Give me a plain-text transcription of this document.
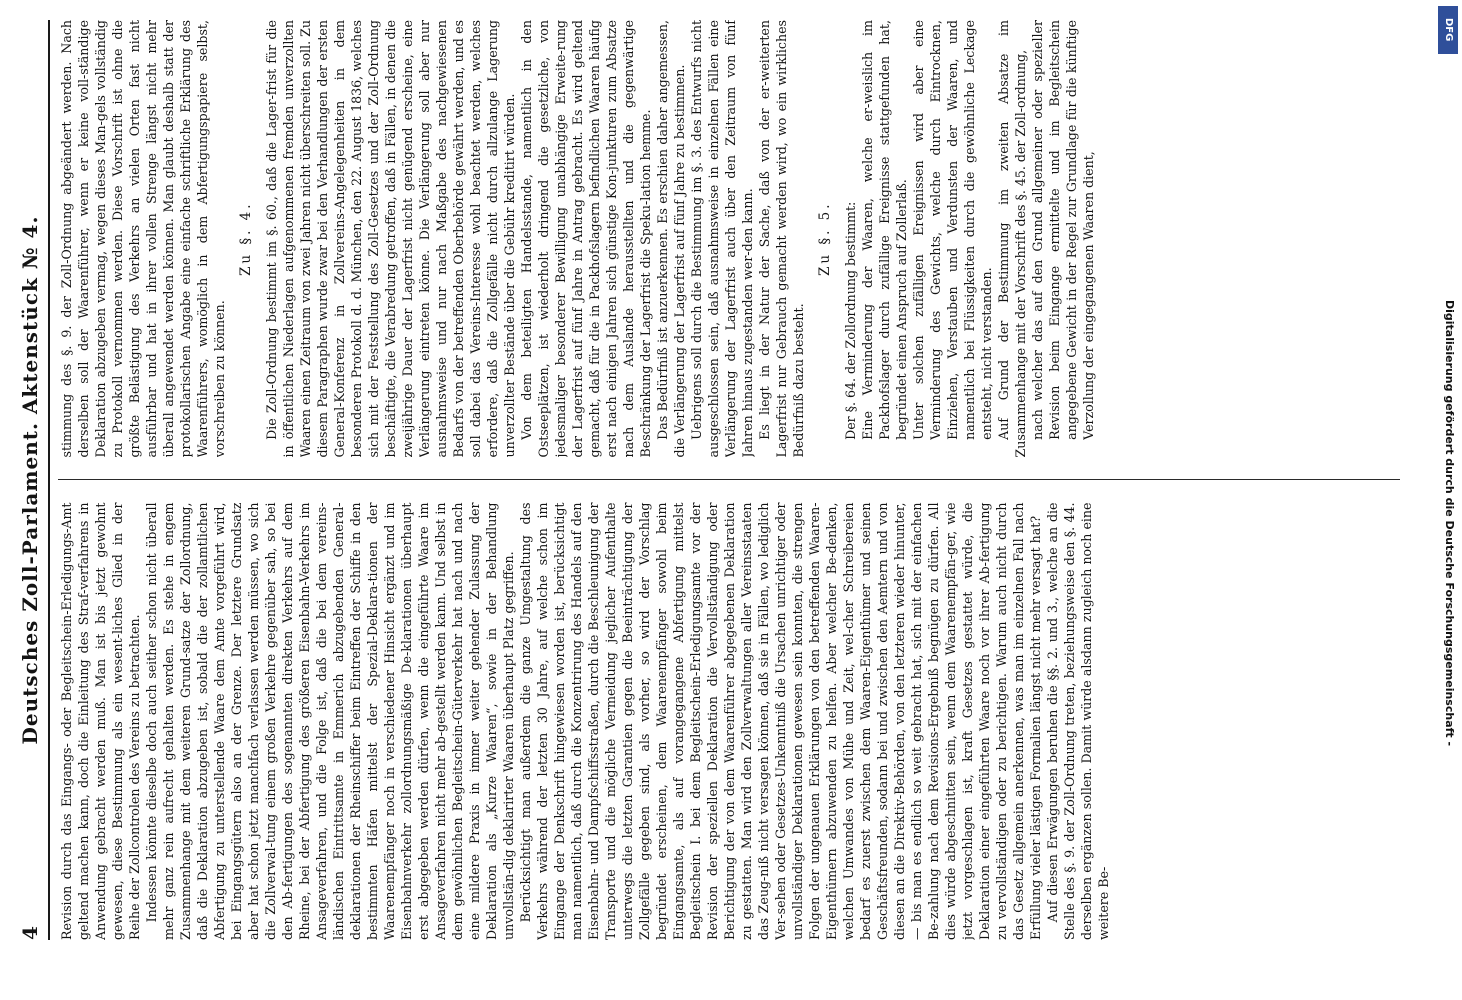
4
Deutsches Zoll-Parlament. Aktenstück № 4. Revision durch das Eingangs- oder Begleitschein-Erledigungs-Amt geltend machen kann, doch die Einleitung des Straf-verfahrens in Anwendung gebracht werden muß. Man ist bis jetzt gewohnt gewesen, diese Bestimmung als ein wesent-liches Glied in der Reihe der Zollcontrolen des Vereins zu betrachten. Indessen könnte dieselbe doch auch seither schon nicht überall mehr ganz rein aufrecht gehalten werden. Es stehe in engem Zusammenhange mit dem weiteren Grund-satze der Zollordnung, daß die Deklaration abzugeben ist, sobald die der zollamtlichen Abfertigung zu unterstellende Waare dem Amte vorgeführt wird, bei Eingangsgütern also an der Grenze. Der letztere Grundsatz aber hat schon jetzt manchfach verlassen werden müssen, wo sich die Zollverwal-tung einem großen Verkehre gegenüber sah, so bei den Ab-fertigungen des sogenannten direkten Verkehrs auf dem Rheine, bei der Abfertigung des größeren Eisenbahn-Verkehrs im Ansageverfahren, und die Folge ist, daß die bei dem vereins-ländischen Eintrittsamte in Emmerich abzugebenden General-deklarationen der Rheinschiffer beim Eintreffen der Schiffe in den bestimmten Häfen mittelst der Spezial-Deklara-tionen der Waarenempfänger noch in verschiedener Hinsicht ergänzt und im Eisenbahnverkehr zollordnungsmäßige De-klarationen überhaupt erst abgegeben werden dürfen, wenn die eingeführte Waare im Ansageverfahren nicht mehr ab-gestellt werden kann. Und selbst in dem gewöhnlichen Begleitschein-Güterverkehr hat nach und nach eine mildere Praxis in immer weiter gehender Zulassung der Deklaration als „Kurze Waaren“, sowie in der Behandlung unvollstän-dig deklarirter Waaren überhaupt Platz gegriffen. Berücksichtigt man außerdem die ganze Umgestaltung des Verkehrs während der letzten 30 Jahre, auf welche schon im Eingange der Denkschrift hingewiesen worden ist, berücksichtigt man namentlich, daß durch die Konzentrirung des Handels auf den Eisenbahn- und Dampfschiffsstraßen, durch die Beschleunigung der Transporte und die mögliche Vermeidung jeglicher Aufenthalte unterwegs die letzten Garantien gegen die Beeinträchtigung der Zollgefälle gegeben sind, als vorher, so wird der Vorschlag begründet erscheinen, dem Waarenempfänger sowohl beim Eingangsamte, als auf vorangegangene Abfertigung mittelst Begleitschein I. bei dem Begleitschein-Erledigungsamte vor der Revision der speziellen Deklaration die Vervollständigung oder Berichtigung der von dem Waarenführer abgegebenen Deklaration zu gestatten. Man wird den Zollverwaltungen aller Vereinsstaaten das Zeug-niß nicht versagen können, daß sie in Fällen, wo lediglich Ver-sehen oder Gesetzes-Unkenntniß die Ursachen unrichtiger oder unvollständiger Deklarationen gewesen sein konnten, die strengen Folgen der ungenauen Erklärungen von den betreffenden Waaren-Eigenthümern abzuwenden zu helfen. Aber welcher Be-denken, welchen Umwandes von Mühe und Zeit, wel-cher Schreibereien bedarf es zuerst zwischen dem Waaren-Eigenthümer und seinen Geschäftsfreunden, sodann bei und zwischen den Aemtern und von diesen an die Direktiv-Behörden, von den letzteren wieder hinunter, — bis man es endlich so weit gebracht hat, sich mit der einfachen Be-zahlung nach dem Revisions-Ergebniß begnügen zu dürfen. All dies würde abgeschnitten sein, wenn dem Waarenempfän-ger, wie jetzt vorgeschlagen ist, kraft Gesetzes gestattet würde, die Deklaration einer eingeführten Waare noch vor ihrer Ab-fertigung zu vervollständigen oder zu berichtigen. Warum auch nicht durch das Gesetz allgemein anerkennen, was man im einzelnen Fall nach Erfüllung vieler lästigen Formalien längst nicht mehr versagt hat? Auf diesen Erwägungen beruhen die §§. 2. und 3., welche an die Stelle des §. 9. der Zoll-Ordnung treten, beziehungsweise den §. 44. derselben ergänzen sollen. Damit würde alsdann zugleich noch eine weitere Be-

stimmung des §. 9. der Zoll-Ordnung abgeändert werden. Nach derselben soll der Waarenführer, wenn er keine voll-ständige Deklaration abzugeben vermag, wegen dieses Man-gels vollständig zu Protokoll vernommen werden. Diese Vorschrift ist ohne die größte Belästigung des Verkehrs an vielen Orten fast nicht ausführbar und hat in ihrer vollen Strenge längst nicht mehr überall angewendet werden können. Man glaubt deshalb statt der protokollarischen Angabe eine einfache schriftliche Erklärung des Waarenführers, womöglich in dem Abfertigungspapiere selbst, vorschreiben zu können.

Zu §. 4. Die Zoll-Ordnung bestimmt im §. 60., daß die Lager-frist für die in öffentlichen Niederlagen aufgenommenen fremden unverzollten Waaren einen Zeitraum von zwei Jahren nicht überschreiten soll. Zu diesem Paragraphen wurde zwar bei den Verhandlungen der ersten General-Konferenz in Zollvereins-Angelegenheiten in dem besonderen Protokoll d. d. München, den 22. August 1836, welches sich mit der Feststellung des Zoll-Gesetzes und der Zoll-Ordnung beschäftigte, die Verabredung getroffen, daß in Fällen, in denen die zweijährige Dauer der Lagerfrist nicht genügend erscheine, eine Verlängerung eintreten könne. Die Verlängerung soll aber nur ausnahmsweise und nur nach Maßgabe des nachgewiesenen Bedarfs von der betreffenden Oberbehörde gewährt werden, und es soll dabei das Vereins-Interesse wohl beachtet werden, welches erfordere, daß die Zollgefälle nicht durch allzulange Lagerung unverzollter Bestände über die Gebühr kreditirt würden. Von dem beteiligten Handelsstande, namentlich in den Ostseeplätzen, ist wiederholt dringend die gesetzliche, von jedesmaliger besonderer Bewilligung unabhängige Erweite-rung der Lagerfrist auf fünf Jahre in Antrag gebracht. Es wird geltend gemacht, daß für die in Packhofslagern befindlichen Waaren häufig erst nach einigen Jahren sich günstige Kon-junkturen zum Absatze nach dem Auslande herausstellten und die gegenwärtige Beschränkung der Lagerfrist die Speku-lation hemme. Das Bedürfniß ist anzuerkennen. Es erschien daher angemessen, die Verlängerung der Lagerfrist auf fünf Jahre zu bestimmen. Uebrigens soll durch die Bestimmung im §. 3. des Entwurfs nicht ausgeschlossen sein, daß ausnahmsweise in einzelnen Fällen eine Verlängerung der Lagerfrist auch über den Zeitraum von fünf Jahren hinaus zugestanden wer-den kann. Es liegt in der Natur der Sache, daß von der er-weiterten Lagerfrist nur Gebrauch gemacht werden wird, wo ein wirkliches Bedürfniß dazu besteht.

Zu §. 5. Der §. 64. der Zollordnung bestimmt: Eine Verminderung der Waaren, welche er-weislich im Packhofslager durch zufällige Ereignisse stattgefunden hat, begründet einen Anspruch auf Zollerlaß. Unter solchen zufälligen Ereignissen wird aber eine Verminderung des Gewichts, welche durch Eintrocknen, Einziehen, Verstauben und Verdunsten der Waaren, und namentlich bei Flüssigkeiten durch die gewöhnliche Leckage entsteht, nicht verstanden. Auf Grund der Bestimmung im zweiten Absatze im Zusammenhange mit der Vorschrift des §. 45. der Zoll-ordnung, nach welcher das auf den Grund allgemeiner oder spezieller Revision beim Eingange ermittelte und im Begleitschein angegebene Gewicht in der Regel zur Grundlage für die künftige Verzollung der eingegangenen Waaren dient,

DFG
Digitalisierung gefördert durch die Deutsche Forschungsgemeinschaft -
